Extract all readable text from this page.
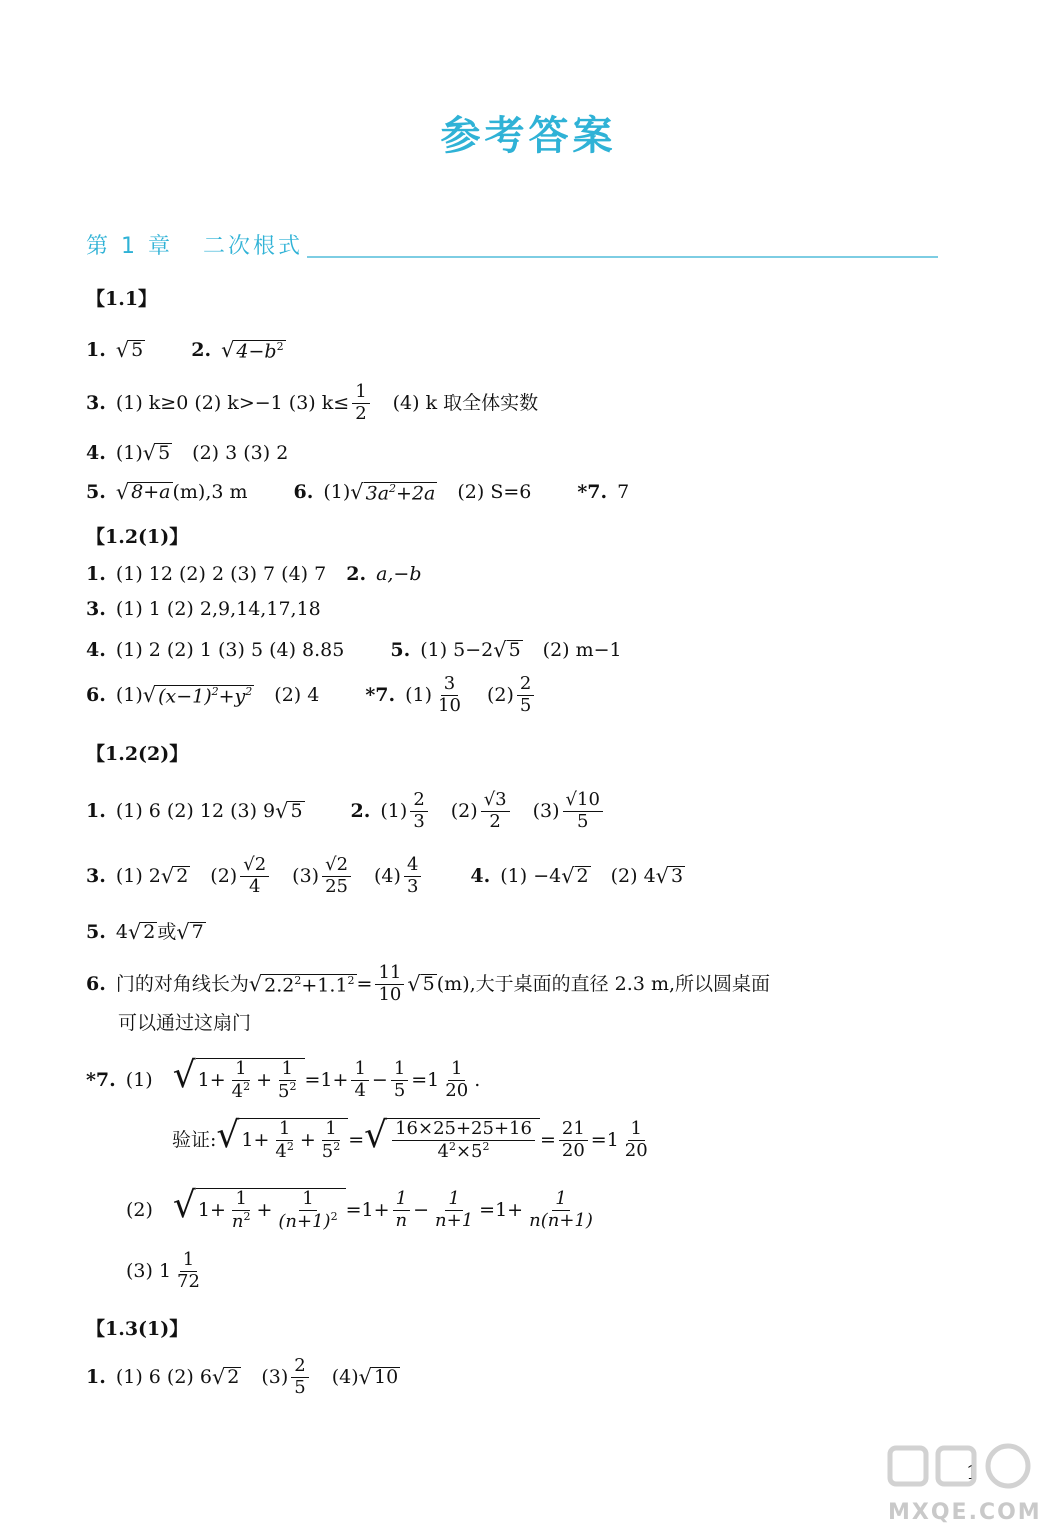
参考答案
第 1 章   二次根式
【1.1】
1. √ 5	2. √ $4-b^2$
3. (1) k≥0 (2) k>−1 (3) $k\le \frac{1}{2} (4)$ k 取全体实数
4. (1) √ 5 (2) 3 (3) 2
5. √ 8+a (m),3 m 6. (1) √ $3a^2+2a$ (2) S=6 *7. 7
【1.2(1)】
1. (1) 12 (2) 2 (3) 7 (4) 7 2. a,−b
3. (1) 1 (2) 2,9,14,17,18
4. (1) 2 (2) 1 (3) 5 (4) 8.85 5. (1) 5−2 √ 5 (2) m−1
6. (1) √ $(x-1)^2+y^2$ (2) 4 *7. $(1) \frac{3}{10} (2) \frac{2}{5}$
【1.2(2)】
1. (1) 6 (2) 12 (3) 9 √ 5	2. $(1) \frac{2}{3} (2) \frac{√3}{2} (3) \frac{√10}{5}$
3. (1) 2 √ 2 $(2) \frac{√2}{4} (3) \frac{√2}{25} (4) \frac{4}{3}$	4. (1) −4 √ 2 (2) 4 √ 3
5. 4 √ 2 或 √ 7
6. 门的对角线长为 √ $2.2^2+1.1^2 = \frac{11}{10}$ √ 5 (m),大于桌面的直径 2.3 m,所以圆桌面
可以通过这扇门
*7. (1) √ $1+ \frac{1}{4^2} + \frac{1}{5^2} =1+ \frac{1}{4} - \frac{1}{5} =1 \frac{1}{20}$ .
验证: √ $1+ \frac{1}{4^2} + \frac{1}{5^2}$ = √ $\frac{16\times 25+25+16}{4^2\times 5^2} = \frac{21}{20} =1 \frac{1}{20}$
(2) √ $1+ \frac{1}{n^2} + \frac{1}{(n+1)^2} =1+ \frac{1}{n} - \frac{1}{n+1} =1+ \frac{1}{n(n+1)}$
(3) $1 \frac{1}{72}$
【1.3(1)】
1. (1) 6 (2) 6 √ 2 $(3) \frac{2}{5} (4)$ √ 10
1
MXQE.COM
